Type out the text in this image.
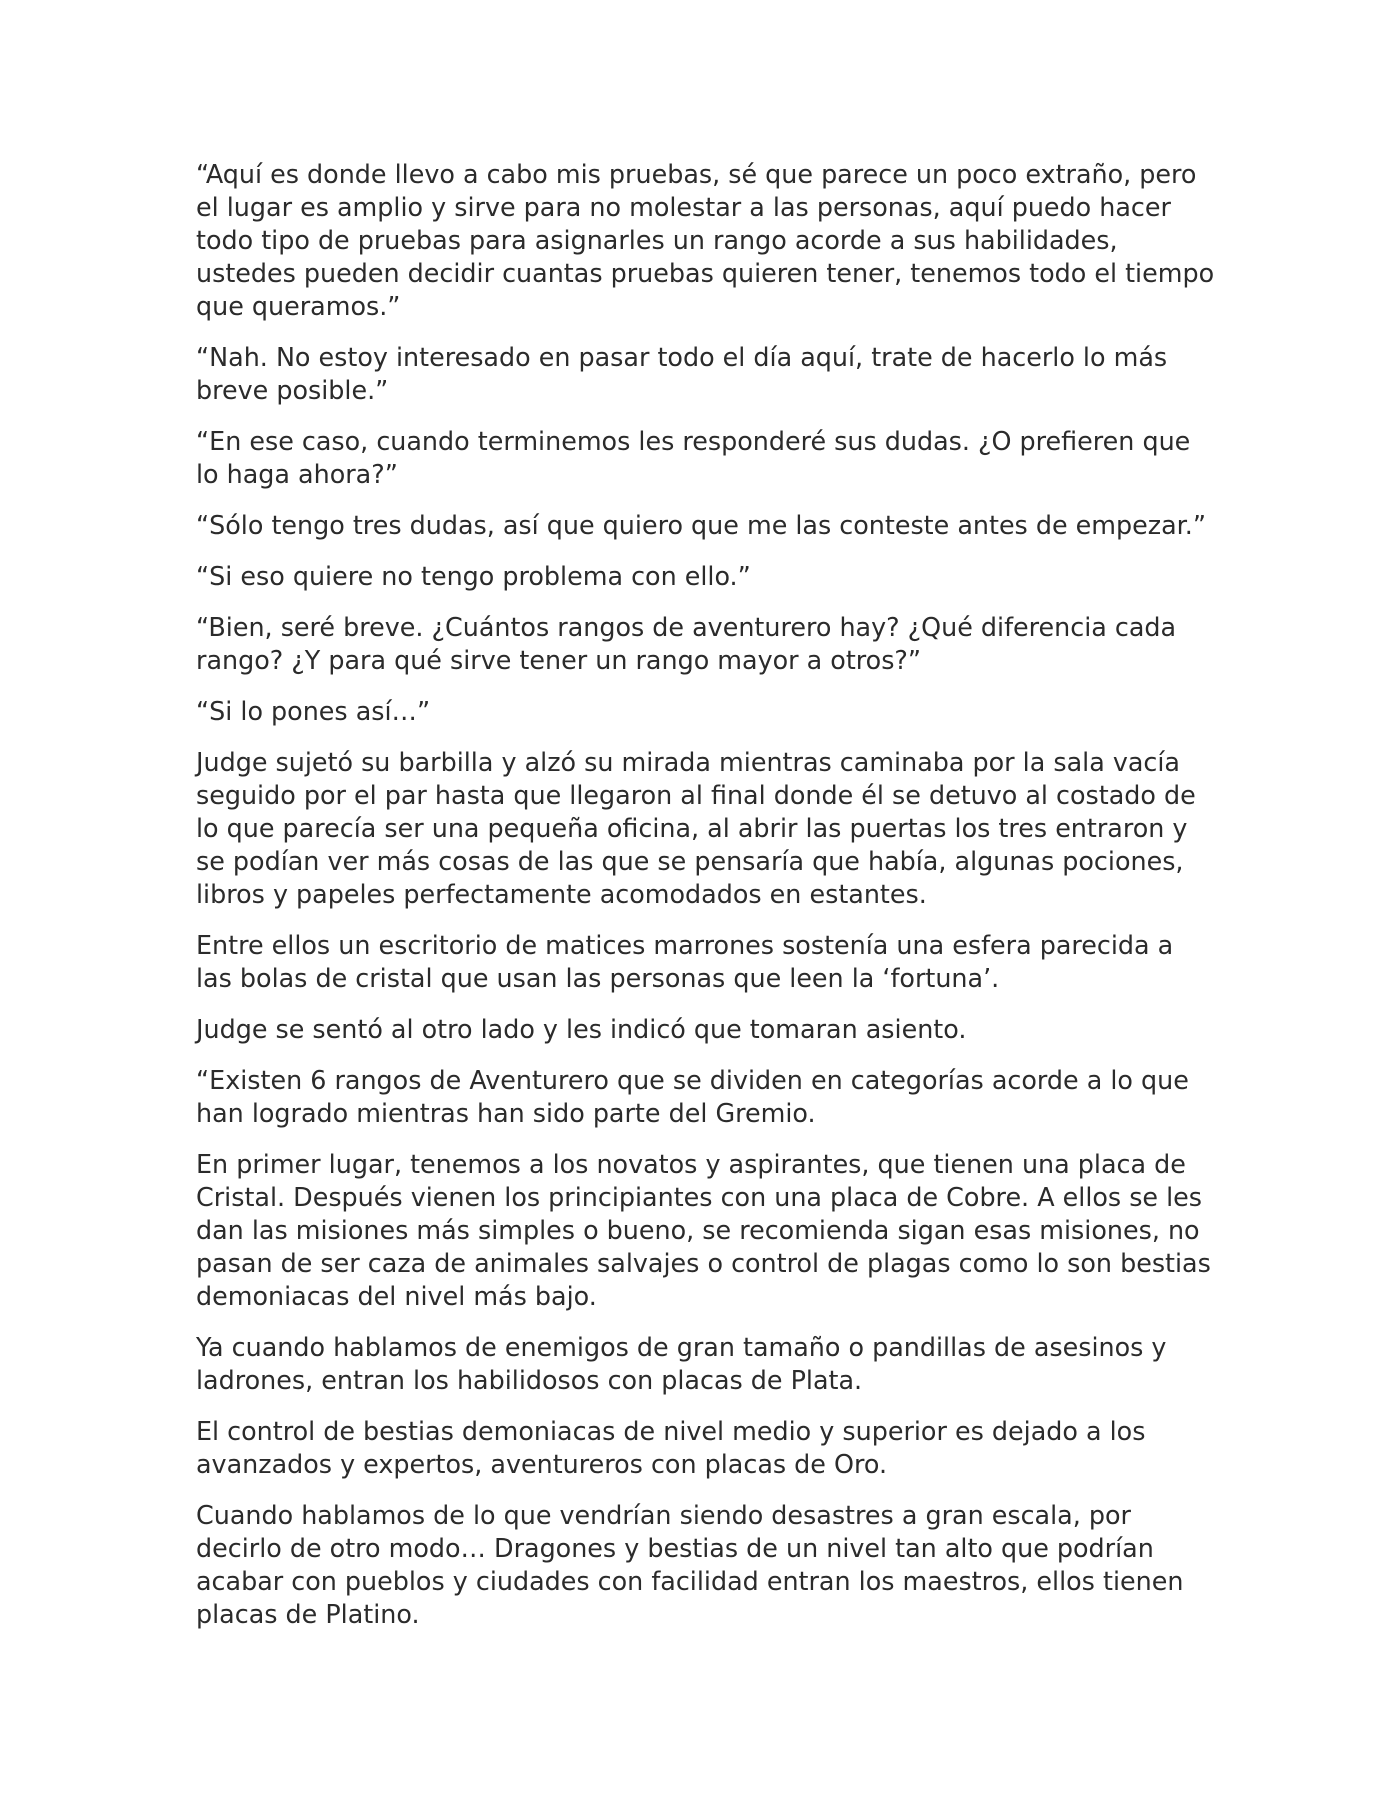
“Aquí es donde llevo a cabo mis pruebas, sé que parece un poco extraño, pero el lugar es amplio y sirve para no molestar a las personas, aquí puedo hacer todo tipo de pruebas para asignarles un rango acorde a sus habilidades, ustedes pueden decidir cuantas pruebas quieren tener, tenemos todo el tiempo que queramos.”

“Nah. No estoy interesado en pasar todo el día aquí, trate de hacerlo lo más breve posible.”

“En ese caso, cuando terminemos les responderé sus dudas. ¿O prefieren que lo haga ahora?”

“Sólo tengo tres dudas, así que quiero que me las conteste antes de empezar.”

“Si eso quiere no tengo problema con ello.”

“Bien, seré breve. ¿Cuántos rangos de aventurero hay? ¿Qué diferencia cada rango? ¿Y para qué sirve tener un rango mayor a otros?”

“Si lo pones así…”

Judge sujetó su barbilla y alzó su mirada mientras caminaba por la sala vacía seguido por el par hasta que llegaron al final donde él se detuvo al costado de lo que parecía ser una pequeña oficina, al abrir las puertas los tres entraron y se podían ver más cosas de las que se pensaría que había, algunas pociones, libros y papeles perfectamente acomodados en estantes.

Entre ellos un escritorio de matices marrones sostenía una esfera parecida a las bolas de cristal que usan las personas que leen la ‘fortuna’.

Judge se sentó al otro lado y les indicó que tomaran asiento.

“Existen 6 rangos de Aventurero que se dividen en categorías acorde a lo que han logrado mientras han sido parte del Gremio.

En primer lugar, tenemos a los novatos y aspirantes, que tienen una placa de Cristal. Después vienen los principiantes con una placa de Cobre. A ellos se les dan las misiones más simples o bueno, se recomienda sigan esas misiones, no pasan de ser caza de animales salvajes o control de plagas como lo son bestias demoniacas del nivel más bajo.

Ya cuando hablamos de enemigos de gran tamaño o pandillas de asesinos y ladrones, entran los habilidosos con placas de Plata.

El control de bestias demoniacas de nivel medio y superior es dejado a los avanzados y expertos, aventureros con placas de Oro.

Cuando hablamos de lo que vendrían siendo desastres a gran escala, por decirlo de otro modo… Dragones y bestias de un nivel tan alto que podrían acabar con pueblos y ciudades con facilidad entran los maestros, ellos tienen placas de Platino.
